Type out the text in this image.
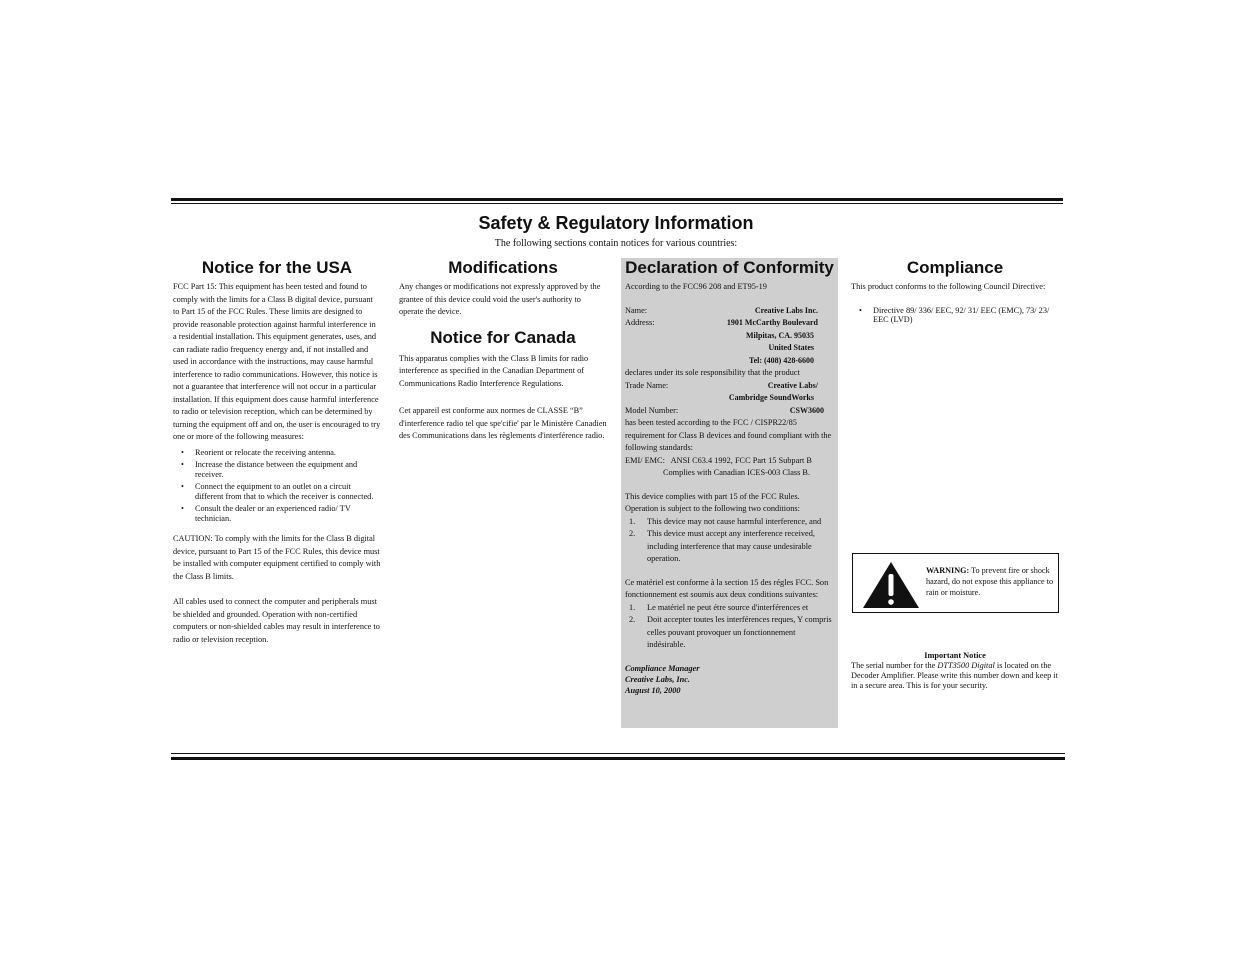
Safety & Regulatory Information
The following sections contain notices for various countries:

Notice for the USA

FCC Part 15: This equipment has been tested and found to comply with the limits for a Class B digital device, pursuant to Part 15 of the FCC Rules. These limits are designed to provide reasonable protection against harmful interference in a residential installation. This equipment generates, uses, and can radiate radio frequency energy and, if not installed and used in accordance with the instructions, may cause harmful interference to radio communications. However, this notice is not a guarantee that interference will not occur in a particular installation. If this equipment does cause harmful interference to radio or television reception, which can be determined by turning the equipment off and on, the user is encouraged to try one or more of the following measures:

• Reorient or relocate the receiving antenna.
• Increase the distance between the equipment and receiver.
• Connect the equipment to an outlet on a circuit different from that to which the receiver is connected.
• Consult the dealer or an experienced radio/ TV technician.

CAUTION: To comply with the limits for the Class B digital device, pursuant to Part 15 of the FCC Rules, this device must be installed with computer equipment certified to comply with the Class B limits.

All cables used to connect the computer and peripherals must be shielded and grounded. Operation with non-certified computers or non-shielded cables may result in interference to radio or television reception.

Modifications

Any changes or modifications not expressly approved by the grantee of this device could void the user's authority to operate the device.

Notice for Canada

This apparatus complies with the Class B limits for radio interference as specified in the Canadian Department of Communications Radio Interference Regulations.

Cet appareil est conforme aux normes de CLASSE “B” d'interference radio tel que spe'cifie' par le Ministère Canadien des Communications dans les règlements d'interférence radio.

Declaration of Conformity

According to the FCC96 208 and ET95-19

Name:	Creative Labs Inc.
Address:	1901 McCarthy Boulevard
Milpitas, CA. 95035
United States
Tel: (408) 428-6600

declares under its sole responsibility that the product

Trade Name:	Creative Labs/
Cambridge SoundWorks
Model Number:	CSW3600

has been tested according to the FCC / CISPR22/85 requirement for Class B devices and found compliant with the following standards:

EMI/ EMC: ANSI C63.4 1992, FCC Part 15 Subpart B
Complies with Canadian ICES-003 Class B.

This device complies with part 15 of the FCC Rules. Operation is subject to the following two conditions:

1. This device may not cause harmful interference, and
2. This device must accept any interference received, including interference that may cause undesirable operation.

Ce matériel est conforme à la section 15 des régles FCC. Son fonctionnement est soumis aux deux conditions suivantes:

1. Le matériel ne peut étre source d'interférences et
2. Doit accepter toutes les interférences reques, Y compris celles pouvant provoquer un fonctionnement indésirable.
Compliance Manager
Creative Labs, Inc.
August 10, 2000

Compliance

This product conforms to the following Council Directive:

• Directive 89/ 336/ EEC, 92/ 31/ EEC (EMC), 73/ 23/ EEC (LVD)
WARNING: To prevent fire or shock hazard, do not expose this appliance to rain or moisture.
Important Notice

The serial number for the DTT3500 Digital is located on the Decoder Amplifier. Please write this number down and keep it in a secure area. This is for your security.
